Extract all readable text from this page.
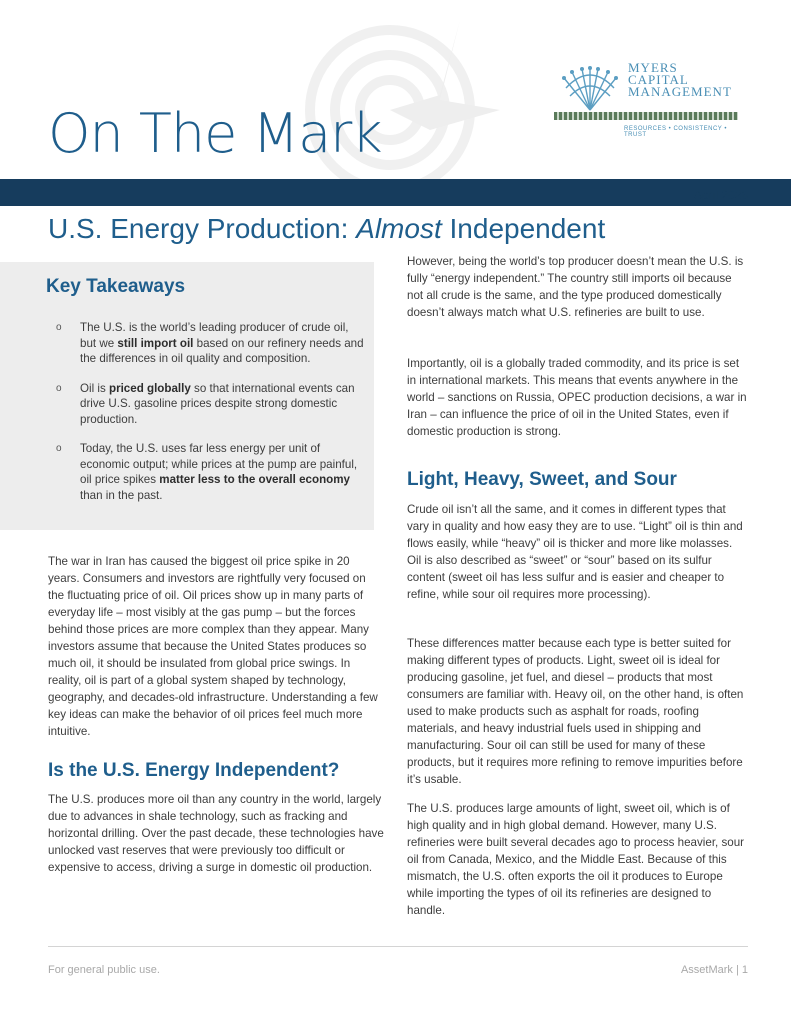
On The Mark
MYERS
CAPITAL
MANAGEMENT
RESOURCES • CONSISTENCY • TRUST
April 2026
U.S. Energy Production: Almost Independent
Key Takeaways
o The U.S. is the world’s leading producer of crude oil, but we still import oil based on our refinery needs and the differences in oil quality and composition.
o Oil is priced globally so that international events can drive U.S. gasoline prices despite strong domestic production.
o Today, the U.S. uses far less energy per unit of economic output; while prices at the pump are painful, oil price spikes matter less to the overall economy than in the past.

The war in Iran has caused the biggest oil price spike in 20 years. Consumers and investors are rightfully very focused on the fluctuating price of oil. Oil prices show up in many parts of everyday life – most visibly at the gas pump – but the forces behind those prices are more complex than they appear. Many investors assume that because the United States produces so much oil, it should be insulated from global price swings. In reality, oil is part of a global system shaped by technology, geography, and decades-old infrastructure. Understanding a few key ideas can make the behavior of oil prices feel much more intuitive.

Is the U.S. Energy Independent?

The U.S. produces more oil than any country in the world, largely due to advances in shale technology, such as fracking and horizontal drilling. Over the past decade, these technologies have unlocked vast reserves that were previously too difficult or expensive to access, driving a surge in domestic oil production.

However, being the world’s top producer doesn’t mean the U.S. is fully “energy independent.” The country still imports oil because not all crude is the same, and the type produced domestically doesn’t always match what U.S. refineries are built to use.

Importantly, oil is a globally traded commodity, and its price is set in international markets. This means that events anywhere in the world – sanctions on Russia, OPEC production decisions, a war in Iran – can influence the price of oil in the United States, even if domestic production is strong.

Light, Heavy, Sweet, and Sour

Crude oil isn’t all the same, and it comes in different types that vary in quality and how easy they are to use. “Light” oil is thin and flows easily, while “heavy” oil is thicker and more like molasses. Oil is also described as “sweet” or “sour” based on its sulfur content (sweet oil has less sulfur and is easier and cheaper to refine, while sour oil requires more processing).

These differences matter because each type is better suited for making different types of products. Light, sweet oil is ideal for producing gasoline, jet fuel, and diesel – products that most consumers are familiar with. Heavy oil, on the other hand, is often used to make products such as asphalt for roads, roofing materials, and heavy industrial fuels used in shipping and manufacturing. Sour oil can still be used for many of these products, but it requires more refining to remove impurities before it’s usable.

The U.S. produces large amounts of light, sweet oil, which is of high quality and in high global demand. However, many U.S. refineries were built several decades ago to process heavier, sour oil from Canada, Mexico, and the Middle East. Because of this mismatch, the U.S. often exports the oil it produces to Europe while importing the types of oil its refineries are designed to handle.

For general public use.	AssetMark | 1
